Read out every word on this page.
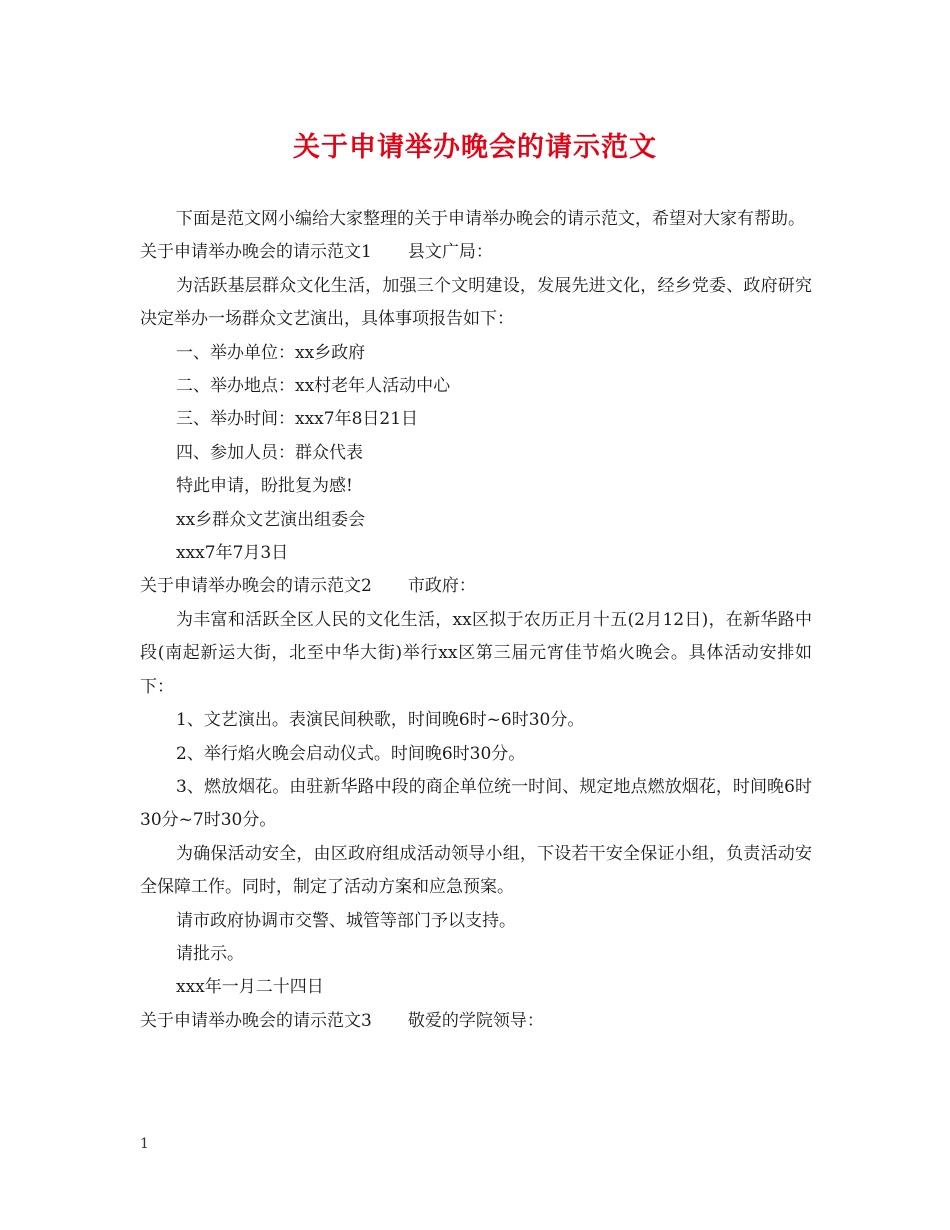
关于申请举办晚会的请示范文

下面是范文网小编给大家整理的关于申请举办晚会的请示范文，希望对大家有帮助。

关于申请举办晚会的请示范文1 县文广局：

为活跃基层群众文化生活，加强三个文明建设，发展先进文化，经乡党委、政府研究决定举办一场群众文艺演出，具体事项报告如下：

一、举办单位：xx乡政府

二、举办地点：xx村老年人活动中心

三、举办时间：xxx7年8日21日

四、参加人员：群众代表

特此申请，盼批复为感!

xx乡群众文艺演出组委会

xxx7年7月3日

关于申请举办晚会的请示范文2 市政府：

为丰富和活跃全区人民的文化生活，xx区拟于农历正月十五(2月12日)，在新华路中段(南起新运大街，北至中华大街)举行xx区第三届元宵佳节焰火晚会。具体活动安排如下：

1、文艺演出。表演民间秧歌，时间晚6时~6时30分。

2、举行焰火晚会启动仪式。时间晚6时30分。

3、燃放烟花。由驻新华路中段的商企单位统一时间、规定地点燃放烟花，时间晚6时30分~7时30分。

为确保活动安全，由区政府组成活动领导小组，下设若干安全保证小组，负责活动安全保障工作。同时，制定了活动方案和应急预案。

请市政府协调市交警、城管等部门予以支持。

请批示。

xxx年一月二十四日

关于申请举办晚会的请示范文3 敬爱的学院领导：

1
